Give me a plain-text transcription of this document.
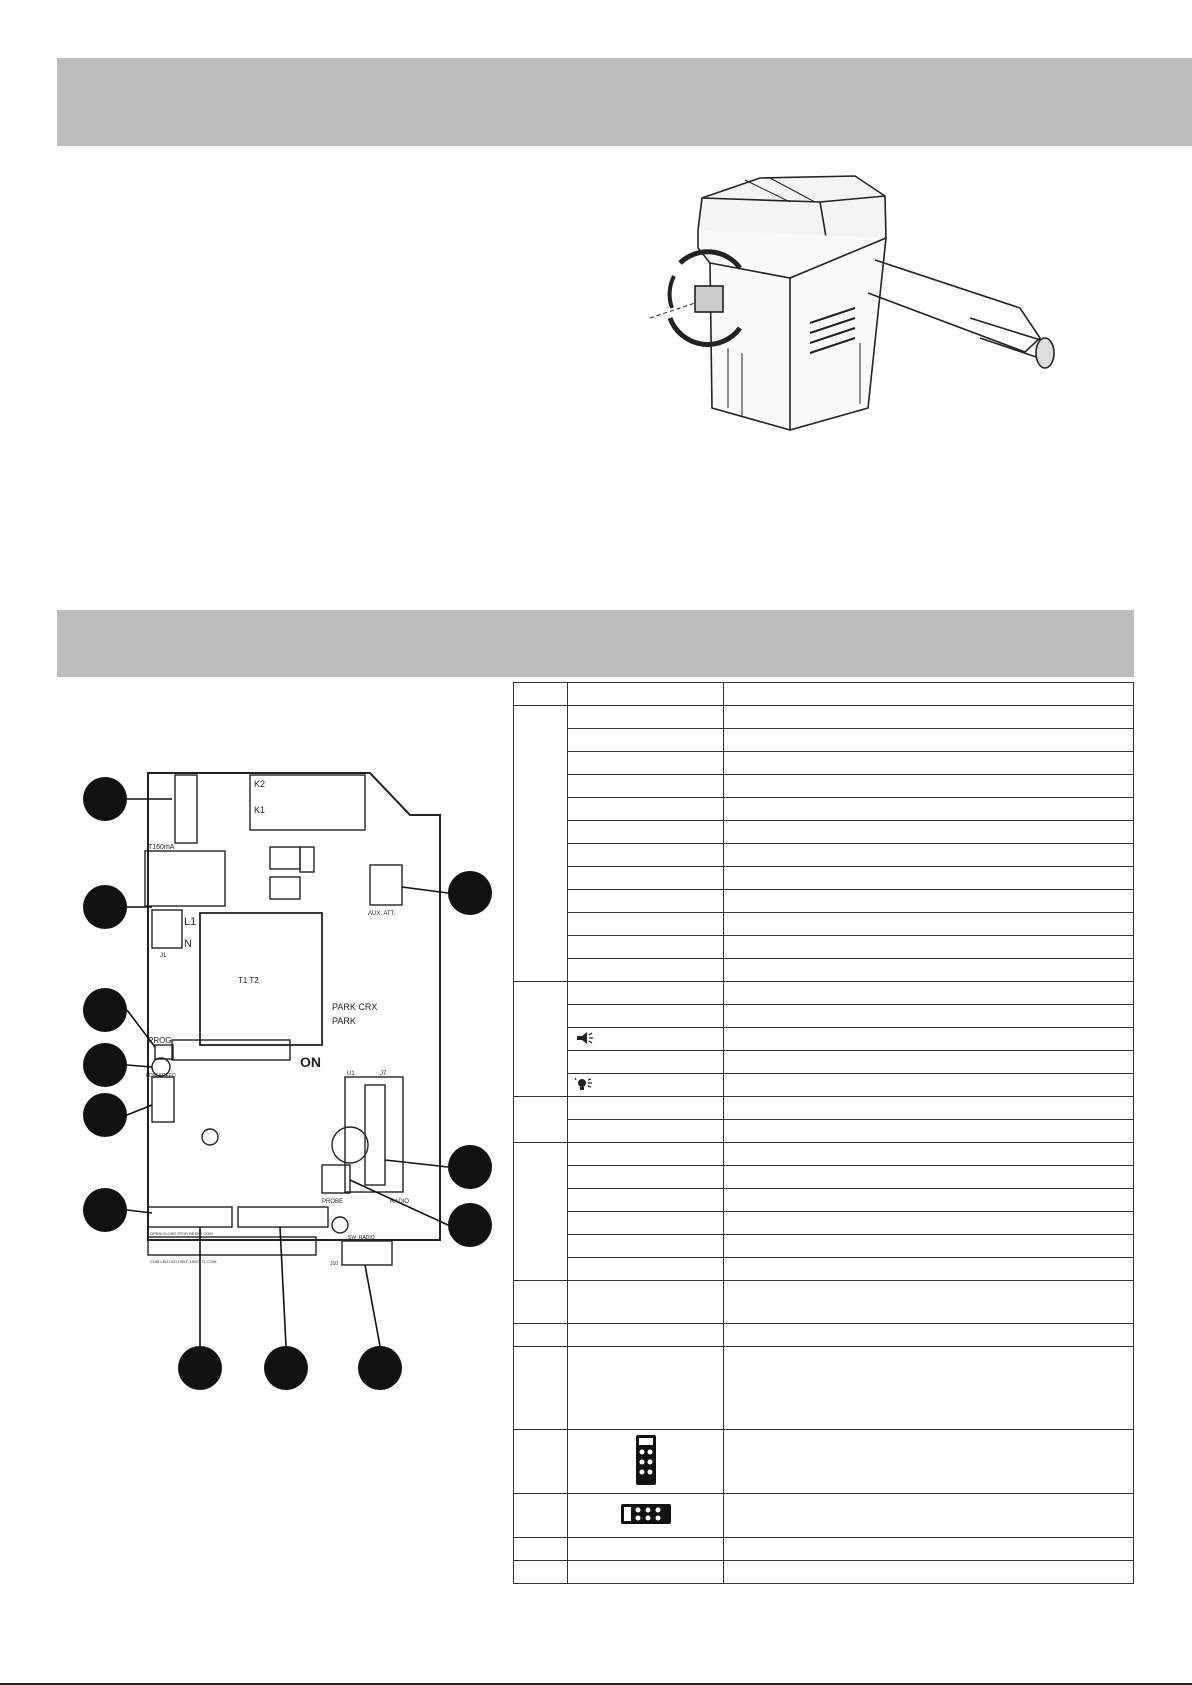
K2
K1
T160mA
L1
N
J1
T1 T2
PARK CRX
PARK
PROG
LOW SPEED
ON
AUX. ATT.
U1	J7
PROBE	RADIO
SW_RADIO
J10
OPEN CLOSE STOP RESET COM
COM LED LED LBSC LBSO TL COM
